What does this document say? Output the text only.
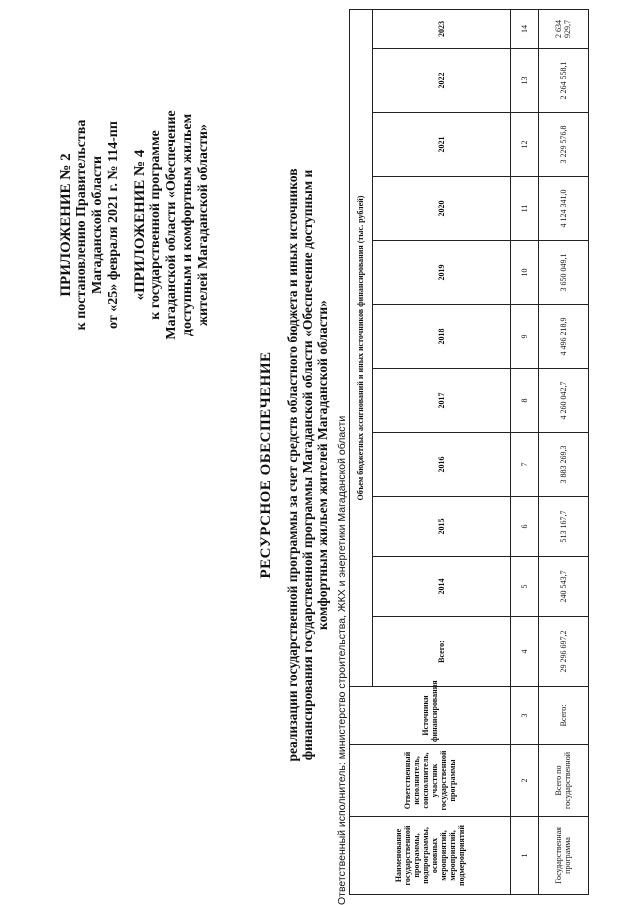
ПРИЛОЖЕНИЕ № 2 к постановлению Правительства Магаданской области от «25» февраля 2021 г. № 114-пп «ПРИЛОЖЕНИЕ № 4 к государственной программе Магаданской области «Обеспечение доступным и комфортным жильем жителей Магаданской области»
РЕСУРСНОЕ ОБЕСПЕЧЕНИЕ реализации государственной программы за счет средств областного бюджета и иных источников финансирования государственной программы Магаданской области «Обеспечение доступным и комфортным жильем жителей Магаданской области» Ответственный исполнитель: министерство строительства, ЖКХ и энергетики Магаданской области	Наименование государственной программы, подпрограммы, основных мероприятий, мероприятий, подмероприятий	Ответственный исполнитель, соисполнитель, участник государственной программы	Источники финансирования	Объем бюджетных ассигнований и иных источников финансирования (тыс. рублей)										
			Всего:	2014	2015	2016	2017	2018	2019	2020	2021	2022	2023
1	2	3	4	5	6	7	8	9	10	11	12	13	14
Государственная программа	Всего по государственной	Всего:	29 296 697,2	240 543,7	513 167,7	3 883 269,3	4 260 042,7	4 496 218,9	3 650 049,1	4 124 341,0	3 229 576,8	2 264 558,1	2 634 929,7
